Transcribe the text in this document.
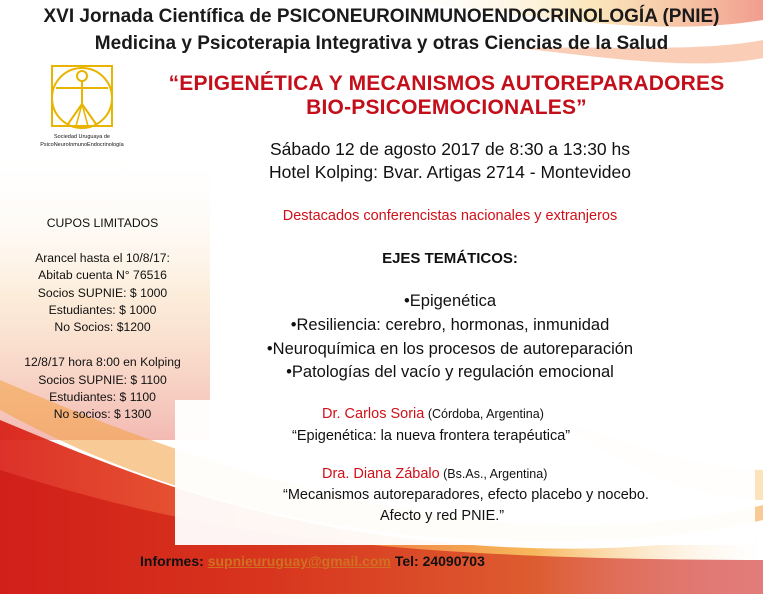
Sociedad Uruguaya de
PsicoNeuroInmunoEndocrinología
XVI Jornada Científica de PSICONEUROINMUNOENDOCRINOLOGÍA (PNIE)
Medicina y Psicoterapia Integrativa y otras Ciencias de la Salud
“EPIGENÉTICA Y MECANISMOS AUTOREPARADORES
BIO-PSICOEMOCIONALES”
Sábado 12 de agosto 2017 de 8:30 a 13:30 hs
Hotel Kolping: Bvar. Artigas 2714 - Montevideo
Destacados conferencistas nacionales y extranjeros
EJES TEMÁTICOS:
•Epigenética
•Resiliencia: cerebro, hormonas, inmunidad
•Neuroquímica en los procesos de autoreparación
•Patologías del vacío y regulación emocional
CUPOS LIMITADOS
Arancel hasta el 10/8/17:
Abitab cuenta N° 76516
Socios SUPNIE: $ 1000
Estudiantes: $ 1000
No Socios: $1200
12/8/17 hora 8:00 en Kolping
Socios SUPNIE: $ 1100
Estudiantes: $ 1100
No socios: $ 1300	Dr. Carlos Soria (Córdoba, Argentina)
“Epigenética: la nueva frontera terapéutica”
Dra. Diana Zábalo (Bs.As., Argentina)
“Mecanismos autoreparadores, efecto placebo y nocebo.
Afecto y red PNIE.”
Informes: supnieuruguay@gmail.com Tel: 24090703
